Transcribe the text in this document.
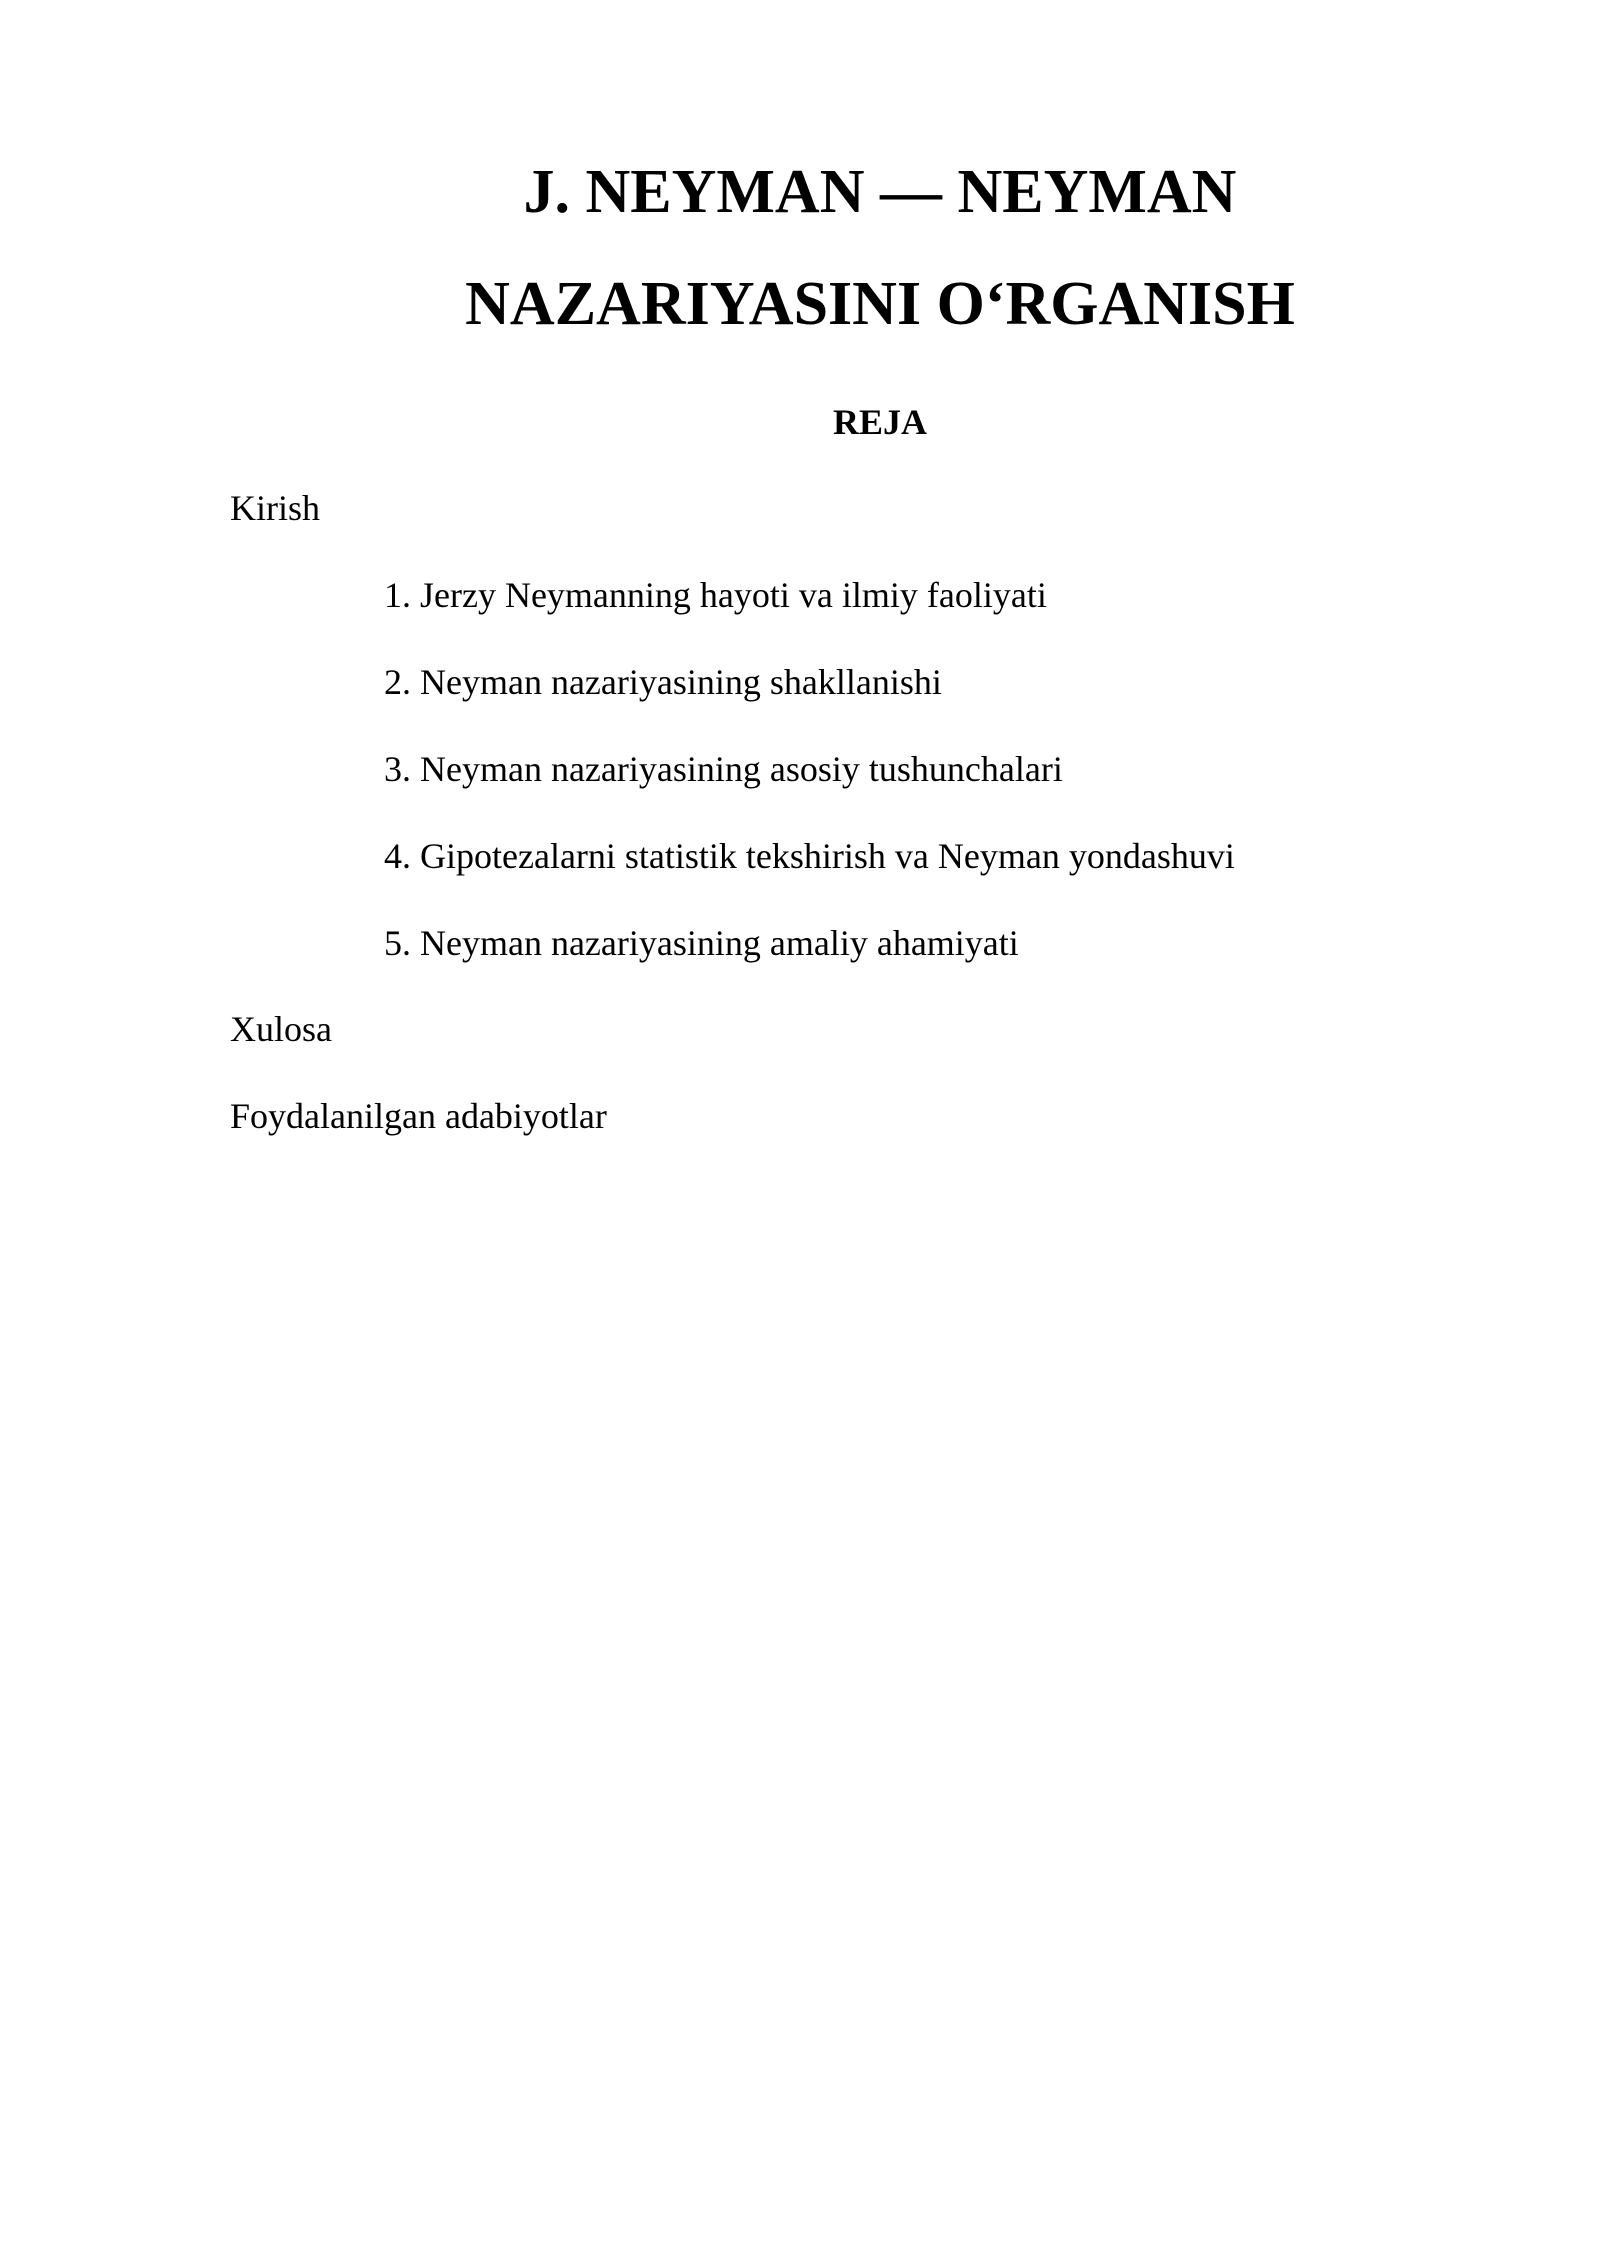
J. NEYMAN — NEYMAN
NAZARIYASINI O‘RGANISH
REJA
Kirish
1. Jerzy Neymanning hayoti va ilmiy faoliyati
2. Neyman nazariyasining shakllanishi
3. Neyman nazariyasining asosiy tushunchalari
4. Gipotezalarni statistik tekshirish va Neyman yondashuvi
5. Neyman nazariyasining amaliy ahamiyati
Xulosa
Foydalanilgan adabiyotlar
